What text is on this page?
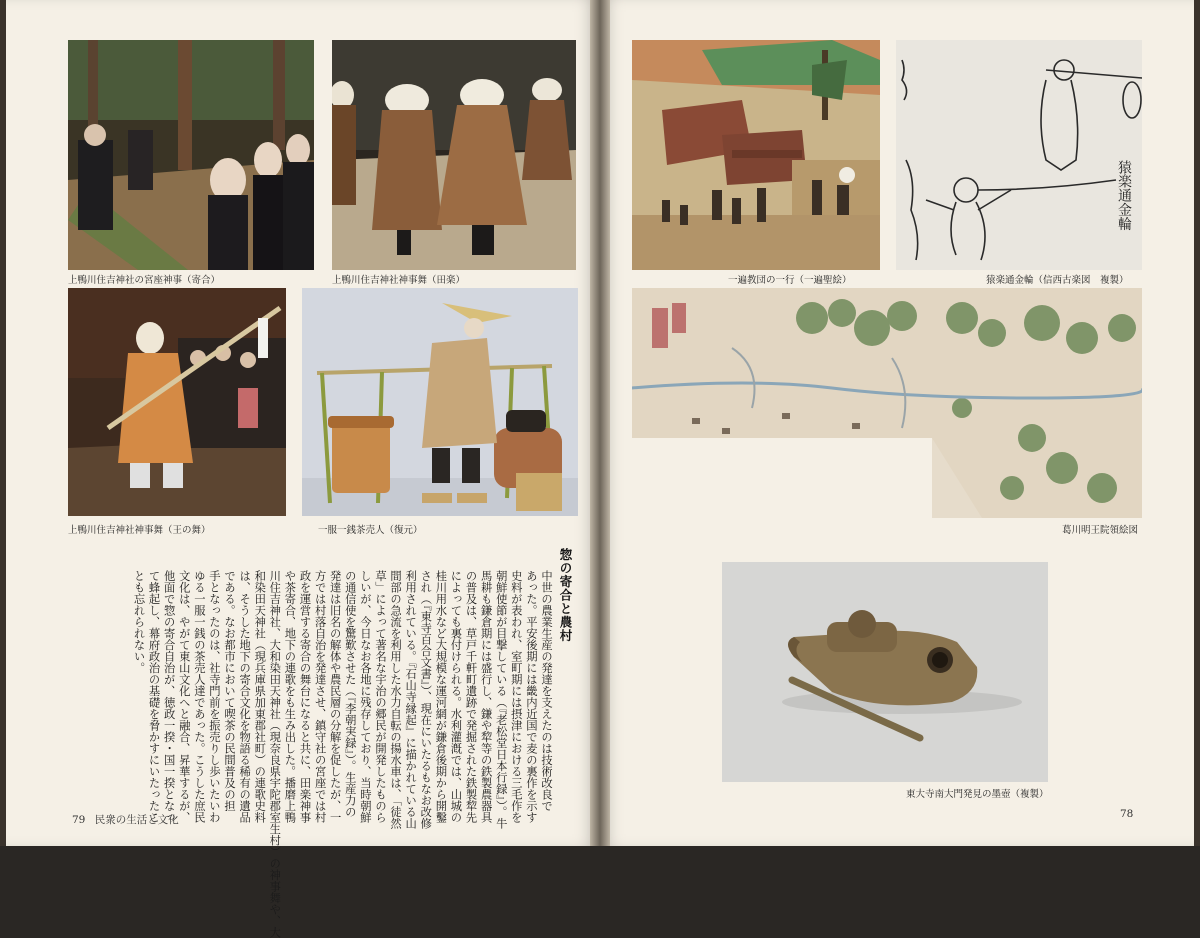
上鴨川住吉神社の宮座神事（寄合）	上鴨川住吉神社神事舞（田楽）
上鴨川住吉神社神事舞（王の舞）	一服一銭茶売人（復元）
惣の寄合と農村
中世の農業生産の発達を支えたのは技術改良で
あった。平安後期には畿内近国で麦の裏作を示す
史料が表われ、室町期には摂津における三毛作を
朝鮮使節が目撃している（『老松堂日本行録』）。牛
馬耕も鎌倉期には盛行し、鎌や犂等の鉄製農器具
の普及は、草戸千軒町遺跡で発掘された鉄製犂先
によっても裏付けられる。水利灌漑では、山城の
桂川用水など大規模な運河網が鎌倉後期から開鑿
され（『東寺百合文書』）、現在にいたるもなお改修
利用されている。『石山寺縁起』に描かれている山
間部の急流を利用した水力自転の揚水車は、「徒然
草」によって著名な宇治の郷民が開発したものら
しいが、今日なお各地に残存しており、当時朝鮮
の通信使を驚歎させた（『李朝実録』）。生産力の
発達は旧名の解体や農民層の分解を促したが、一
方では村落自治を発達させ、鎮守社の宮座では村
政を運営する寄合の舞台になると共に、田楽神事
や茶寄合、地下の連歌をも生み出した。播磨上鴨
川住吉神社、大和染田天神社（現奈良県宇陀郡室生村）の神事舞や、大
和染田天神社（現兵庫県加東郡社町）の連歌史料
は、そうした地下の寄合文化を物語る稀有の遺品
である。なお都市において喫茶の民間普及の担
手となったのは、社寺門前を振売りし歩いたいわ
ゆる一服一銭の茶売人達であった。こうした庶民
文化は、やがて東山文化へと融合、昇華するが、
他面で惣の寄合自治が、徳政一揆・国一揆となっ
て蜂起し、幕府政治の基礎を脅かすにいたったこ
とも忘れられない。
79 民衆の生活と文化
一遍教団の一行（一遍聖絵）
猿楽通金輪
猿楽通金輪（信西古楽図　複製）
葛川明王院領絵図
東大寺南大門発見の墨壺（複製）
78
